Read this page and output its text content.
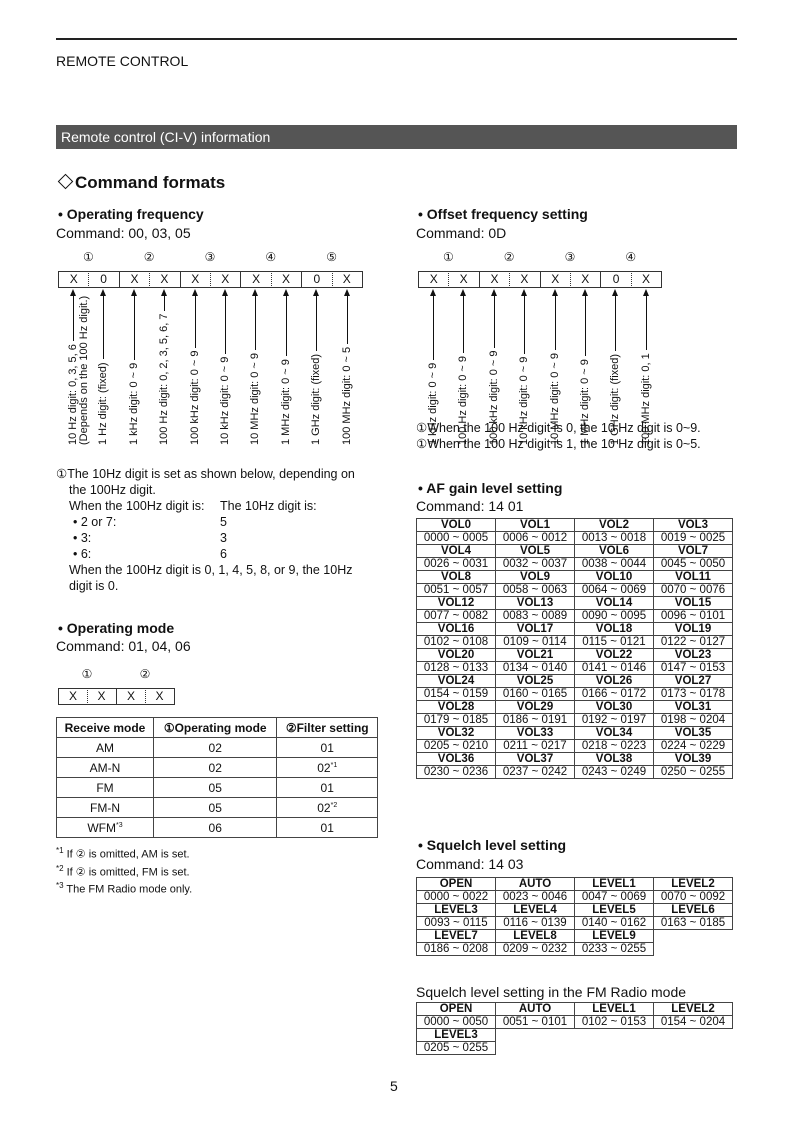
REMOTE CONTROL
Remote control (CI-V) information
Command formats
• Operating frequency
Command: 00, 03, 05
①	②	③	④	⑤
X	0	X	X	X	X	X	X	0	X
10 Hz digit: 0, 3, 5, 6 (Depends on the 100 Hz digit.) 1 Hz digit: (fixed) 1 kHz digit: 0 ~ 9 100 Hz digit: 0, 2, 3, 5, 6, 7 100 kHz digit: 0 ~ 9 10 kHz digit: 0 ~ 9 10 MHz digit: 0 ~ 9 1 MHz digit: 0 ~ 9 1 GHz digit: (fixed) 100 MHz digit: 0 ~ 5
①The 10Hz digit is set as shown below, depending on
the 100Hz digit.
When the 100Hz digit is: The 10Hz digit is:
• 2 or 7:	5
• 3:	3
• 6:	6
When the 100Hz digit is 0, 1, 4, 5, 8, or 9, the 10Hz
digit is 0.
• Operating mode
Command: 01, 04, 06
①	②
X	X	X	X
Receive mode	①Operating mode	②Filter setting
AM	02	01
AM-N	02	02$^{*1}$
FM	05	01
FM-N	05	02$^{*2}$
WFM$^{*3}$	06	01
$^{*1}$ If ② is omitted, AM is set.
$^{*2}$ If ② is omitted, FM is set.
$^{*3}$ The FM Radio mode only.
• Offset frequency setting
Command: 0D
①	②	③	④
X	X	X	X	X	X	0	X
1 kHz digit: 0 ~ 9 100 Hz digit: 0 ~ 9 100 kHz digit: 0 ~ 9 10 kHz digit: 0 ~ 9 10 MHz digit: 0 ~ 9 1 MHz digit: 0 ~ 9 1 GHz digit: (fixed) 100 MHz digit: 0, 1
①When the 100 Hz digit is 0, the 10 Hz digit is 0~9.
①When the 100 Hz digit is 1, the 10 Hz digit is 0~5.
• AF gain level setting
Command: 14 01
VOL0	VOL1	VOL2	VOL3
0000 ~ 0005	0006 ~ 0012	0013 ~ 0018	0019 ~ 0025
VOL4	VOL5	VOL6	VOL7
0026 ~ 0031	0032 ~ 0037	0038 ~ 0044	0045 ~ 0050
VOL8	VOL9	VOL10	VOL11
0051 ~ 0057	0058 ~ 0063	0064 ~ 0069	0070 ~ 0076
VOL12	VOL13	VOL14	VOL15
0077 ~ 0082	0083 ~ 0089	0090 ~ 0095	0096 ~ 0101
VOL16	VOL17	VOL18	VOL19
0102 ~ 0108	0109 ~ 0114	0115 ~ 0121	0122 ~ 0127
VOL20	VOL21	VOL22	VOL23
0128 ~ 0133	0134 ~ 0140	0141 ~ 0146	0147 ~ 0153
VOL24	VOL25	VOL26	VOL27
0154 ~ 0159	0160 ~ 0165	0166 ~ 0172	0173 ~ 0178
VOL28	VOL29	VOL30	VOL31
0179 ~ 0185	0186 ~ 0191	0192 ~ 0197	0198 ~ 0204
VOL32	VOL33	VOL34	VOL35
0205 ~ 0210	0211 ~ 0217	0218 ~ 0223	0224 ~ 0229
VOL36	VOL37	VOL38	VOL39
0230 ~ 0236	0237 ~ 0242	0243 ~ 0249	0250 ~ 0255
• Squelch level setting
Command: 14 03
OPEN	AUTO	LEVEL1	LEVEL2
0000 ~ 0022	0023 ~ 0046	0047 ~ 0069	0070 ~ 0092
LEVEL3	LEVEL4	LEVEL5	LEVEL6
0093 ~ 0115	0116 ~ 0139	0140 ~ 0162	0163 ~ 0185
LEVEL7	LEVEL8	LEVEL9	
0186 ~ 0208	0209 ~ 0232	0233 ~ 0255	
Squelch level setting in the FM Radio mode
OPEN	AUTO	LEVEL1	LEVEL2
0000 ~ 0050	0051 ~ 0101	0102 ~ 0153	0154 ~ 0204
LEVEL3			
0205 ~ 0255			
5
